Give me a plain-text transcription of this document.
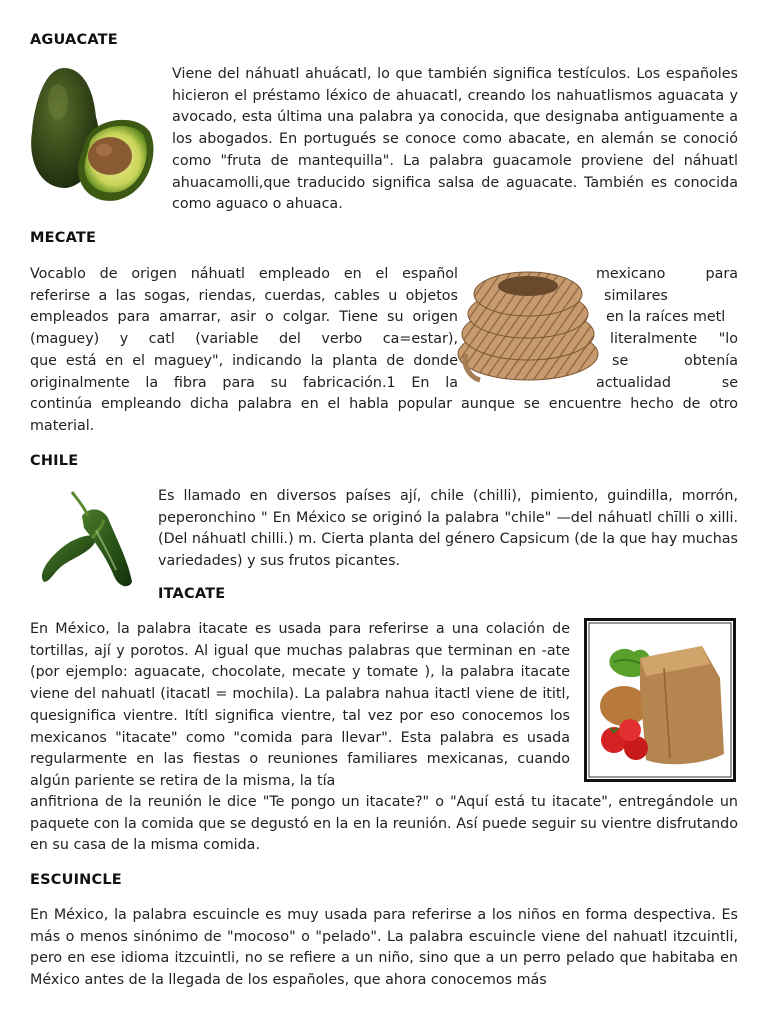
AGUACATE
Viene del náhuatl ahuácatl, lo que también significa testículos. Los españoles hicieron el préstamo léxico de ahuacatl, creando los nahuatlismos aguacata y avocado, esta última una palabra ya conocida, que designaba antiguamente a los abogados. En portugués se conoce como abacate, en alemán se conoció como "fruta de mantequilla". La palabra guacamole proviene del náhuatl ahuacamolli,que traducido significa salsa de aguacate. También es conocida como aguaco o ahuaca.
MECATE
Vocablo de origen náhuatl empleado en el español
referirse a las sogas, riendas, cuerdas, cables u objetos
empleados para amarrar, asir o colgar. Tiene su origen
(maguey) y catl (variable del verbo ca=estar),
que está en el maguey", indicando la planta de donde
originalmente la fibra para su fabricación.1 En la
mexicano para
similares
en la raíces metl
literalmente "lo
se obtenía
actualidad se
continúa empleando dicha palabra en el habla popular aunque se encuentre hecho de otro material.
CHILE
Es llamado en diversos países ají, chile (chilli), pimiento, guindilla, morrón, peperonchino " En México se originó la palabra "chile" —del náhuatl chīlli o xilli. (Del náhuatl chilli.) m. Cierta planta del género Capsicum (de la que hay muchas variedades) y sus frutos picantes.
ITACATE
En México, la palabra itacate es usada para referirse a una colación de tortillas, ají y porotos. Al igual que muchas palabras que terminan en -ate (por ejemplo: aguacate, chocolate, mecate y tomate ), la palabra itacate viene del nahuatl (itacatl = mochila). La palabra nahua itactl viene de ititl, quesignifica vientre. Itítl significa vientre, tal vez por eso conocemos los mexicanos "itacate" como "comida para llevar". Esta palabra es usada regularmente en las fiestas o reuniones familiares mexicanas, cuando algún pariente se retira de la misma, la tía
anfitriona de la reunión le dice "Te pongo un itacate?" o "Aquí está tu itacate", entregándole un paquete con la comida que se degustó en la en la reunión. Así puede seguir su vientre disfrutando en su casa de la misma comida.
ESCUINCLE
En México, la palabra escuincle es muy usada para referirse a los niños en forma despectiva. Es más o menos sinónimo de "mocoso" o "pelado". La palabra escuincle viene del nahuatl itzcuintli, pero en ese idioma itzcuintli, no se refiere a un niño, sino que a un perro pelado que habitaba en México antes de la llegada de los españoles, que ahora conocemos más
